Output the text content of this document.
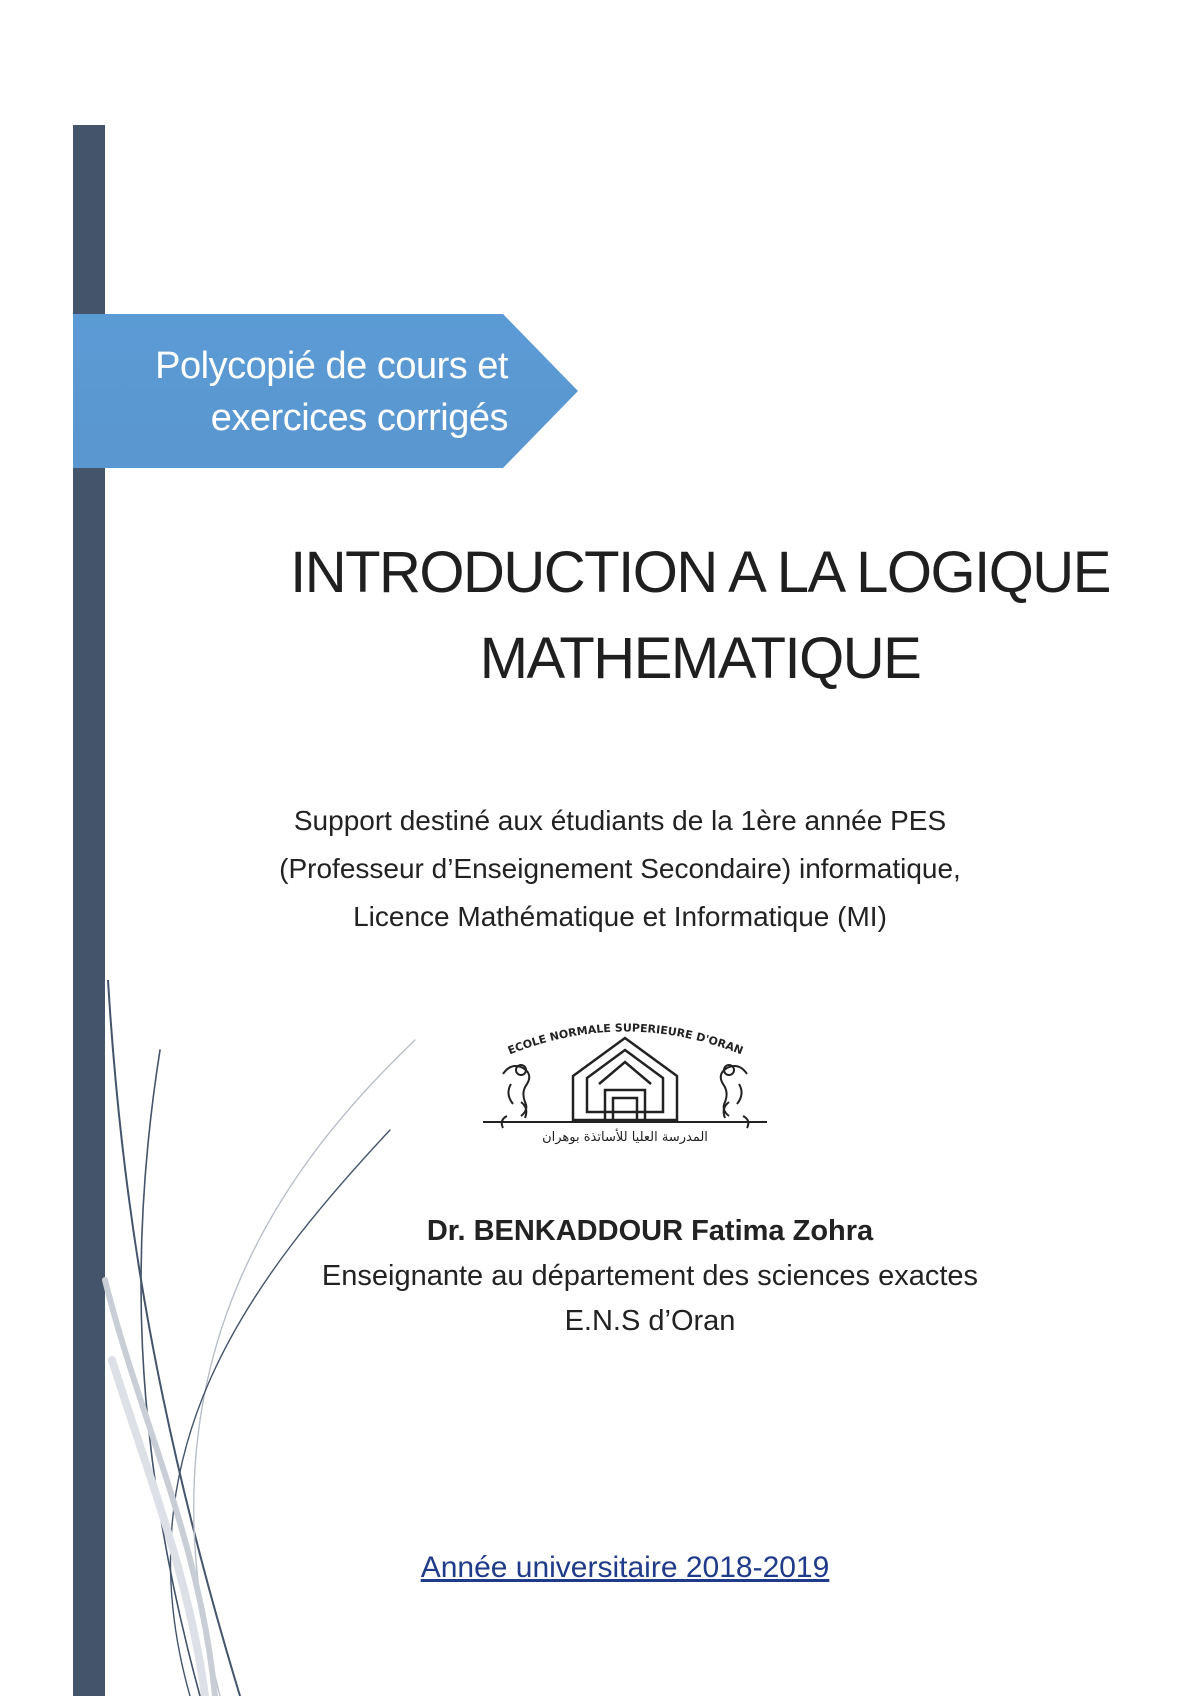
Polycopié de cours et
exercices corrigés
INTRODUCTION A LA LOGIQUE
MATHEMATIQUE
Support destiné aux étudiants de la 1ère année PES
(Professeur d’Enseignement Secondaire) informatique,
Licence Mathématique et Informatique (MI)
ECOLE NORMALE SUPERIEURE D'ORAN
المدرسة العليا للأساتذة بوهران
Dr. BENKADDOUR Fatima Zohra
Enseignante au département des sciences exactes
E.N.S d’Oran
Année universitaire 2018-2019
